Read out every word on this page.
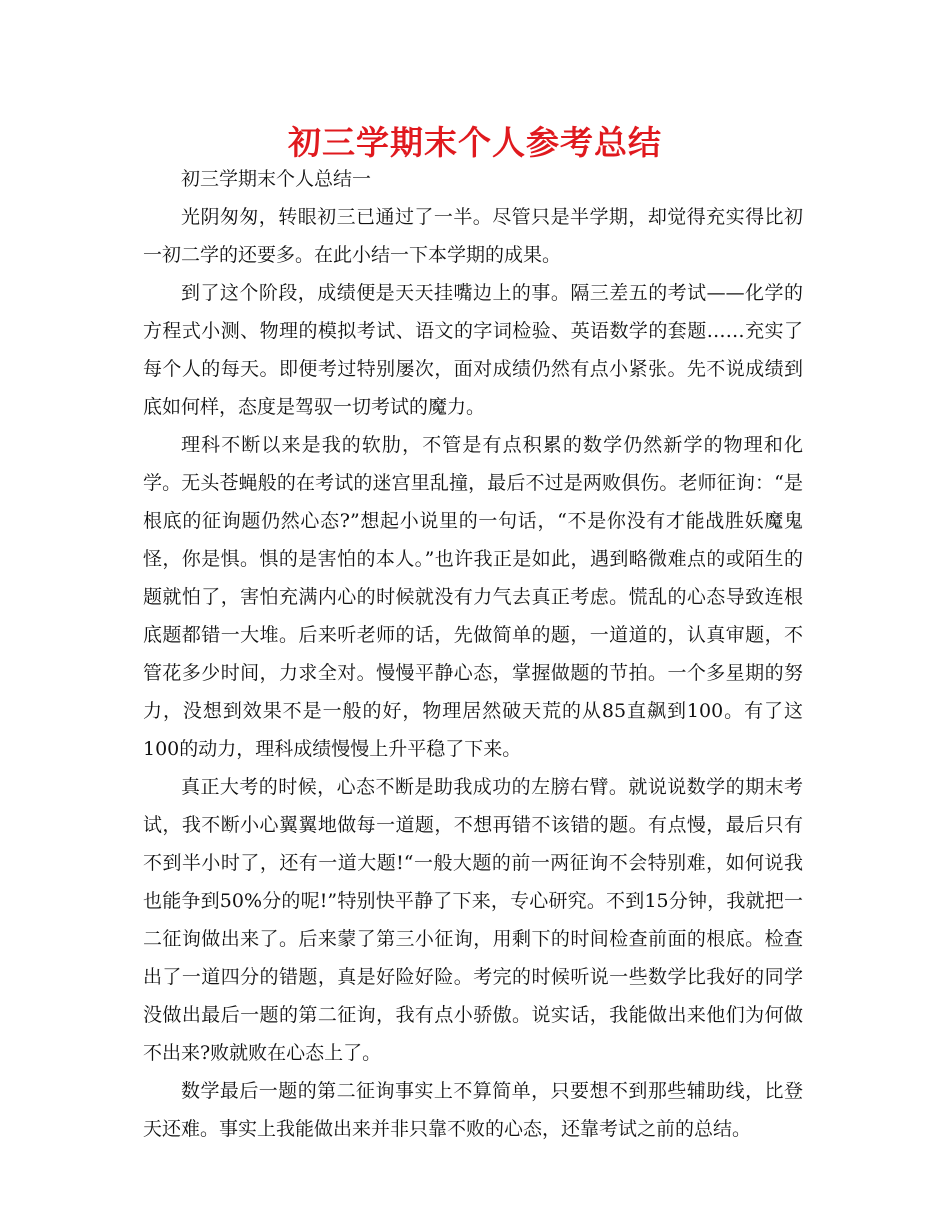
初三学期末个人参考总结

初三学期末个人总结一

光阴匆匆，转眼初三已通过了一半。尽管只是半学期，却觉得充实得比初一初二学的还要多。在此小结一下本学期的成果。

到了这个阶段，成绩便是天天挂嘴边上的事。隔三差五的考试——化学的方程式小测、物理的模拟考试、语文的字词检验、英语数学的套题……充实了每个人的每天。即便考过特别屡次，面对成绩仍然有点小紧张。先不说成绩到底如何样，态度是驾驭一切考试的魔力。

理科不断以来是我的软肋，不管是有点积累的数学仍然新学的物理和化学。无头苍蝇般的在考试的迷宫里乱撞，最后不过是两败俱伤。老师征询：“是根底的征询题仍然心态?”想起小说里的一句话，“不是你没有才能战胜妖魔鬼怪，你是惧。惧的是害怕的本人。”也许我正是如此，遇到略微难点的或陌生的题就怕了，害怕充满内心的时候就没有力气去真正考虑。慌乱的心态导致连根底题都错一大堆。后来听老师的话，先做简单的题，一道道的，认真审题，不管花多少时间，力求全对。慢慢平静心态，掌握做题的节拍。一个多星期的努力，没想到效果不是一般的好，物理居然破天荒的从85直飙到100。有了这100的动力，理科成绩慢慢上升平稳了下来。

真正大考的时候，心态不断是助我成功的左膀右臂。就说说数学的期末考试，我不断小心翼翼地做每一道题，不想再错不该错的题。有点慢，最后只有不到半小时了，还有一道大题!“一般大题的前一两征询不会特别难，如何说我也能争到50%分的呢!”特别快平静了下来，专心研究。不到15分钟，我就把一二征询做出来了。后来蒙了第三小征询，用剩下的时间检查前面的根底。检查出了一道四分的错题，真是好险好险。考完的时候听说一些数学比我好的同学没做出最后一题的第二征询，我有点小骄傲。说实话，我能做出来他们为何做不出来?败就败在心态上了。

数学最后一题的第二征询事实上不算简单，只要想不到那些辅助线，比登天还难。事实上我能做出来并非只靠不败的心态，还靠考试之前的总结。
